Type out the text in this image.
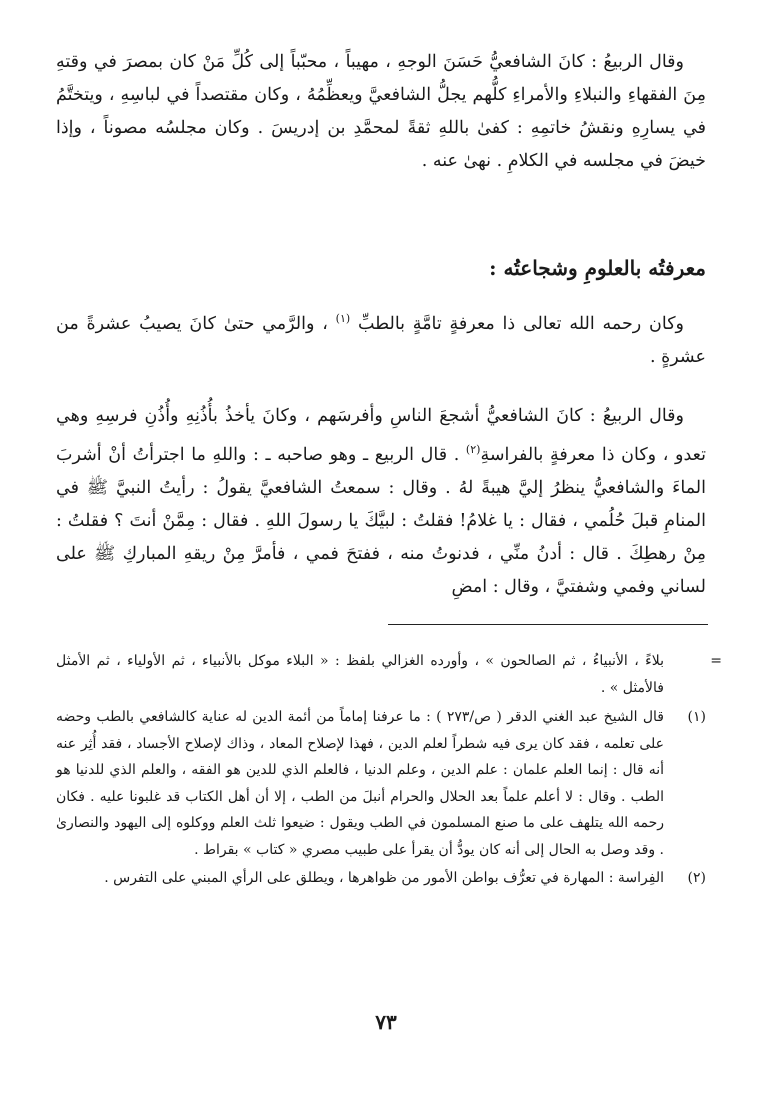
وقال الربيعُ : كانَ الشافعيُّ حَسَنَ الوجهِ ، مهيباً ، محبّباً إلى كُلِّ مَنْ كان بمصرَ في وقتهِ مِنَ الفقهاءِ والنبلاءِ والأمراءِ كلُّهم يجلُّ الشافعيَّ ويعظِّمُهُ ، وكان مقتصداً في لباسِهِ ، ويتختَّمُ في يسارِهِ ونقشُ خاتمِهِ : كفىٰ باللهِ ثقةً لمحمَّدِ بن إدريسَ . وكان مجلسُه مصوناً ، وإذا خيضَ في مجلسه في الكلامِ . نهىٰ عنه .

معرفتُه بالعلومِ وشجاعتُه :

وكان رحمه الله تعالى ذا معرفةٍ تامَّةٍ بالطبِّ $^{(١)}$ ، والرَّمي حتىٰ كانَ يصيبُ عشرةً من عشرةٍ .

وقال الربيعُ : كانَ الشافعيُّ أشجعَ الناسِ وأفرسَهم ، وكانَ يأخذُ بأُذُنِهِ وأُذُنِ فرسِهِ وهي تعدو ، وكان ذا معرفةٍ بالفراسةِ$^{(٢)}$ . قال الربيع ـ وهو صاحبه ـ : واللهِ ما اجترأتُ أنْ أشربَ الماءَ والشافعيُّ ينظرُ إليَّ هيبةً لهُ . وقال : سمعتُ الشافعيَّ يقولُ : رأيتُ النبيَّ ﷺ في المنامِ قبلَ حُلُمي ، فقال : يا غلامُ! فقلتُ : لبيَّكَ يا رسولَ اللهِ . فقال : مِمَّنْ أنتَ ؟ فقلتُ : مِنْ رهطِكَ . قال : أدنُ منِّي ، فدنوتُ منه ، ففتحَ فمي ، فأمرَّ مِنْ ريقهِ المباركِ ﷺ على لساني وفمي وشفتيَّ ، وقال : امضِ

=
بلاءً ، الأنبياءُ ، ثم الصالحون » ، وأورده الغزالي بلفظ : « البلاء موكل بالأنبياء ، ثم الأولياء ، ثم الأمثل فالأمثل » .
(١)
قال الشيخ عبد الغني الدقر ( ص/٢٧٣ ) : ما عرفنا إماماً من أئمة الدين له عناية كالشافعي بالطب وحضه على تعلمه ، فقد كان يرى فيه شطراً لعلم الدين ، فهذا لإصلاح المعاد ، وذاك لإصلاح الأجساد ، فقد أُثِر عنه أنه قال : إنما العلم علمان : علم الدين ، وعلم الدنيا ، فالعلم الذي للدين هو الفقه ، والعلم الذي للدنيا هو الطب . وقال : لا أعلم علماً بعد الحلال والحرام أنبلَ من الطب ، إلا أن أهل الكتاب قد غلبونا عليه . فكان رحمه الله يتلهف على ما صنع المسلمون في الطب ويقول : ضيعوا ثلث العلم ووكلوه إلى اليهود والنصارىٰ . وقد وصل به الحال إلى أنه كان يودُّ أن يقرأ على طبيب مصري « كتاب » بقراط .
(٢)
الفِراسة : المهارة في تعرُّف بواطن الأمور من ظواهرها ، ويطلق على الرأي المبني على التفرس .
٧٣
